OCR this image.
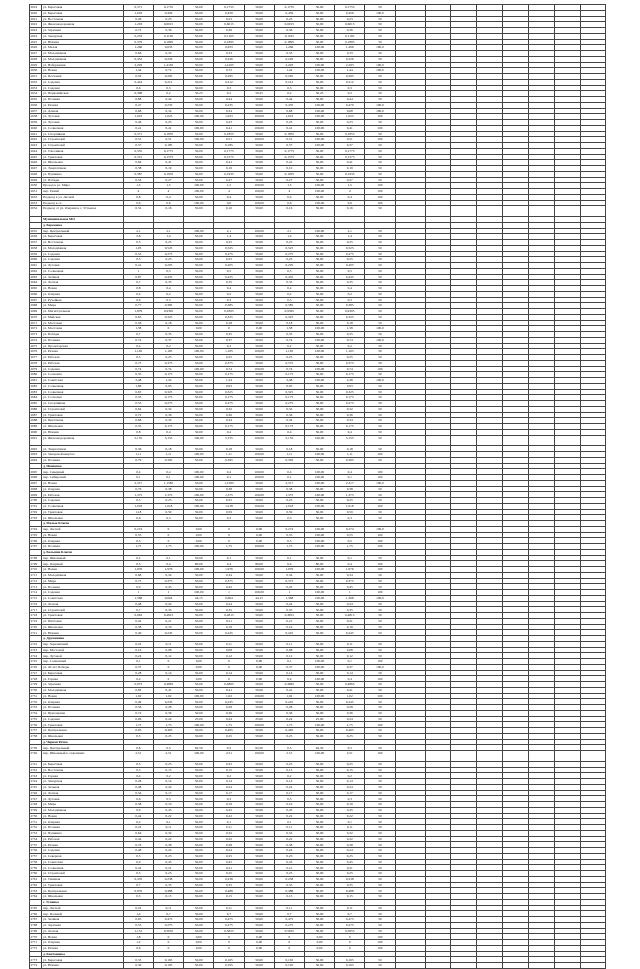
2619	ул. Береговая	0,371	0,1755	50,00	0,1755	50,00	0,1755	50,00	0,1755	50								
2620	ул. Береговая	1,018	0,459	50,00	0,459	50,00	0,459	50,00	0,459	100,0								
2621	ул. Восточная	0,46	0,23	50,00	0,23	50,00	0,23	50,00	0,23	50								
2622	ул. Железнодорожная	1,203	0,6015	50,00	0,6015	50,00	0,6015	50,00	0,6015	50								
2623	ул. Заречная	0,72	0,36	50,00	0,36	50,00	0,36	50,00	0,36	50								
2624	ул. Заводская	0,233	0,1165	50,00	0,1165	50,00	0,1165	50,00	0,1165	50								
2625	ул. Южная	0,379	0,1895	50,00	0,1895	50,00	0,1895	50,00	0,1895	50								
2626	ул. Малая	1,266	0,633	50,00	0,633	50,00	1,266	100,00	1,266	100,0								
2627	ул. Молодёжная	0,66	0,33	50,00	0,33	50,00	0,33	50,00	0,33	50								
2628	ул. Молодёжная	0,452	0,226	50,00	0,226	50,00	0,226	50,00	0,226	50								
2629	ул. Набережная	2,293	1,4165	50,00	1,4165	50,00	2,293	100,00	2,293	100,0								
2630	ул. Новая	1,44	0,72	50,00	0,72	50,00	1,44	100,00	1,44	100,0								
2631	ул. Песчаная	0,59	0,295	50,00	0,295	50,00	0,295	50,00	0,295	50								
2632	ул. Садовая	0,424	0,212	50,00	0,212	50,00	0,212	50,00	0,212	50								
2633	ул. Садовая	0,6	0,3	50,00	0,3	50,00	0,3	50,00	0,3	50								
2634	ул. Первомайская	0,398	0,2	50,25	0,2	50,25	0,2	50,25	0,2	50								
2635	ул. Полевая	0,88	0,44	50,00	0,44	50,00	0,44	50,00	0,44	50								
2636	ул. Речная	0,47	0,235	50,00	0,235	50,00	0,470	100,00	0,470	100,0								
2637	ул. Дачная	0,68	0,34	50,00	0,34	50,00	0,68	100,00	0,68	100,0								
2638	ул. Луговая	1,023	1,023	100,00	1,023	100,00	1,023	100,00	1,023	100								
2639	ул. Луговая	0,46	0,23	50,00	0,23	50,00	0,23	50,00	0,23	50								
2640	ул. Солнечная	0,41	0,41	100,00	0,41	100,00	0,41	100,00	0,41	100								
2641	ул. Спортивная	0,371	0,1855	50,00	0,1855	50,00	0,1855	50,00	0,1855	50								
2642	ул. Строителей	0,51	0,51	100,00	0,51	100,00	0,51	100,00	0,51	100								
2643	ул. Строителей	0,37	0,185	50,00	0,185	50,00	0,37	100,00	0,37	50								
2644	ул. Тополиная	0,355	0,1775	50,00	0,1775	50,00	0,1775	50,00	0,1775	50								
2645	ул. Трактовая	0,315	0,1575	50,00	0,1575	50,00	0,1575	50,00	0,1575	50								
2646	ул. Школьная	0,84	0,41	50,00	0,41	50,00	0,41	50,00	0,41	50								
2647	ул. Энергетиков	0,38	0,19	50,00	0,19	50,00	0,19	50,00	0,19	50								
2648	ул. Пушкина	0,387	0,1935	50,00	0,1935	50,00	0,1935	50,00	0,1935	50								
2649	ул. Победы	0,54	0,27	50,00	0,27	50,00	0,27	50,00	0,27	50								
2650	Проезд к ул. Мира	1,5	1,5	100,00	1,5	100,00	1,5	100,00	1,5	100								
2651	пер. Тихий	4	4	100,00	4	100,00	4	100,00	4	100								
2652	Подъезд к ул. Лесной	0,8	0,4	50,00	0,4	50,00	0,4	50,00	0,4	100								
2653	Подъезд к ст.	0,6	0,6	100,00	0,6	100,00	0,6	100,00	0,6	100								
2654	Подъезд от ул. Озерная к с. Устьевое	0,32	0,16	50,00	0,16	50,00	0,16	50,00	0,16	50								
	Муниципальное МО																	
	д. Березовка																	
2655	пер. Центральный	2,1	2,1	100,00	2,1	100,00	2,1	100,00	2,1	50								
2656	ул. Береговая	2,8	1,4	50,00	1,4	50,00	1,4	50,00	1,4	50								
2657	ул. Восточная	0,5	0,25	50,00	0,25	50,00	0,25	50,00	0,25	50								
2658	ул. Молодёжная	1,05	0,525	50,00	0,525	50,00	0,525	50,00	0,525	50								
2659	ул. Садовая	0,55	0,275	50,00	0,275	50,00	0,275	50,00	0,275	50								
2660	ул. Садовая	0,5	0,25	50,00	0,25	50,00	0,25	50,00	0,25	50								
2661	ул. Луговая	0,41	0,205	50,00	0,205	50,00	0,205	50,00	0,205	50								
2662	ул. Солнечная	1	0,5	50,00	0,5	50,00	0,5	50,00	0,5	50								
2663	ул. Зелёная	0,87	0,435	50,00	0,435	50,00	0,435	50,00	0,435	50								
2664	ул. Лесная	0,7	0,35	50,00	0,35	50,00	0,35	50,00	0,35	50								
2665	ул. Новая	0,8	0,4	50,00	0,4	50,00	0,4	50,00	0,4	50								
2666	ул. Озерная	0,4	0,2	50,00	0,2	50,00	0,2	50,00	0,2	50								
2667	ул. Ручейная	0,6	0,3	50,00	0,3	50,00	0,3	50,00	0,3	50								
2668	ул. Мира	0,77	0,385	50,00	0,385	50,00	0,385	50,00	0,385	50								
2669	ул. Магистральная	1,879	0,9395	50,00	0,9395	50,00	0,9395	50,00	0,9395	50								
2670	ул. Майская	0,65	0,325	50,00	0,325	50,00	0,325	50,00	0,325	50								
2671	ул. Мостовая	0,36	0,18	50,00	0,18	50,00	0,18	50,00	0,18	50								
2672	ул. Мостовая	1,58	0	0,00	0	0,00	1,58	100,00	1,58	100,0								
2673	ул. Победы	0,7	0,35	50,00	0,35	50,00	0,35	50,00	0,35	50								
2674	ул. Полевая	0,74	0,37	50,00	0,37	50,00	0,74	100,00	0,74	100,0								
2675	ул. Пролетарская	0,4	0,2	50,00	0,2	50,00	0,2	50,00	0,2	50								
2676	ул. Речная	1,165	1,165	100,00	1,165	100,00	1,165	100,00	1,165	50								
2677	ул. Рабочая	0,5	0,25	50,00	0,25	50,00	0,25	50,00	0,25	50								
2678	ул. Рабочая	0,75	0,375	50,00	0,375	50,00	0,375	50,00	0,375	50								
2679	ул. Садовая	0,74	0,74	100,00	0,74	100,00	0,74	100,00	0,74	100								
2680	ул. Сосновая	0,35	0,175	50,00	0,175	50,00	0,175	50,00	0,175	50								
2681	ул. Советская	2,48	1,24	50,00	1,24	50,00	2,48	100,00	2,48	100,0								
2682	ул. Солнечная	1,86	0,93	50,00	0,93	50,00	0,93	50,00	0,93	50								
2683	ул. Солнечная	0,65	0,325	50,00	0,325	50,00	0,325	50,00	0,325	50								
2684	ул. Сосновая	0,35	0,175	50,00	0,175	50,00	0,175	50,00	0,175	50								
2685	ул. Спортивная	0,55	0,275	50,00	0,275	50,00	0,275	50,00	0,275	50								
2686	ул. Строителей	0,64	0,32	50,00	0,32	50,00	0,32	50,00	0,32	50								
2687	ул. Трактовая	0,72	0,36	50,00	0,36	50,00	0,36	50,00	0,36	50								
2688	ул. Цветочная	0,68	0,34	50,00	0,34	50,00	0,34	50,00	0,34	50								
2689	ул. Школьная	0,35	0,175	50,00	0,175	50,00	0,175	50,00	0,175	50								
2690	ул. Южная	0,8	0,4	50,00	0,4	50,00	0,4	50,00	0,4	50								
2691	ул. Железнодорожная	5,155	5,155	100,00	5,155	100,00	5,155	100,00	5,155	50								
2692	ул. Энергетиков	0,36	0,18	50,00	0,18	50,00	0,18	50,00	0,18	50								
2693	ул. Заводской квартал	1,11	1,11	100,00	1,11	100,00	1,11	100,00	1,11	100								
2694	ул. Полевая	0,79	0,395	50,00	0,395	50,00	0,395	50,00	0,395	50								
	д. Ивановка																	
2695	пер. Северный	0,4	0,4	100,00	0,4	100,00	0,4	100,00	0,4	100								
2696	пер. Сибирский	0,1	0,1	100,00	0,1	100,00	0,1	100,00	0,1	100								
2697	ул. Новая	2,317	1,1585	50,00	1,1585	50,00	2,317	100,00	2,317	100,0								
2698	ул. Озерная	0,76	0,38	50,00	0,38	50,00	0,38	50,00	0,38	50								
2699	ул. Рабочая	1,375	1,375	100,00	1,375	100,00	1,375	100,00	1,375	50								
2700	ул. Садовая	0,5	0,25	50,00	0,25	50,00	0,25	50,00	0,25	50								
2701	ул. Солнечная	1,018	1,018	100,00	1,018	100,00	1,018	100,00	1,018	100								
2702	ул. Трактовая	1,18	0,59	50,00	0,59	50,00	0,59	50,00	0,59	50								
2703	ул. Школьная	0,6	0,3	50,00	0,3	50,00	0,3	50,00	0,3	50								
	д. Малые Ключи																	
2704	пер. Лесной	0,274	0	0,00	0	0,00	0,274	100,00	0,274	100,0								
2705	ул. Новая	0,55	0	0,00	0	0,00	0,55	100,00	0,55	100								
2706	ул. Озерная	0,5	0	0,00	0	0,00	0,5	100,00	0,5	100								
2707	ул. Полевая	1,75	1,75	100,00	1,75	100,00	1,75	100,00	1,75	100								
	д. Большие Ключи																	
2708	пер. Школьный	0,2	0,1	50,00	0,1	50,00	0,1	50,00	0,1	50								
2709	пер. Озерный	0,5	0,4	80,00	0,4	80,00	0,4	80,00	0,4	100								
2710	ул. Новая	1,976	1,976	100,00	1,976	100,00	1,976	100,00	1,976	100								
2711	ул. Молодёжная	0,68	0,34	50,00	0,34	50,00	0,34	50,00	0,34	50								
2712	ул. Мира	0,75	0,375	50,00	0,375	50,00	0,375	50,00	0,375	50								
2713	ул. Полевая	0,9	0,45	50,00	0,45	50,00	0,45	50,00	0,45	50								
2714	ул. Садовая	1	1	100,00	1	100,00	1	100,00	1	100								
2715	ул. Советская	1,368	0,604	44,15	0,604	44,15	1,368	100,00	1,368	100,0								
2716	ул. Лесная	0,48	0,24	50,00	0,24	50,00	0,24	50,00	0,24	50								
2717	ул. Строителей	0,7	0,35	50,00	0,35	50,00	0,35	50,00	0,35	50								
2718	ул. Трактовая	0,963	0,4815	50,00	0,4815	50,00	0,4815	50,00	0,4815	50								
2719	ул. Пихтовая	0,42	0,21	50,00	0,21	50,00	0,21	50,00	0,21	50								
2720	ул. Школьная	0,38	0,19	50,00	0,19	50,00	0,19	50,00	0,19	50								
2721	ул. Южная	0,49	0,245	50,00	0,245	50,00	0,245	50,00	0,245	50								
	д. Дружинино																	
2722	пер. Зареченский	0,22	0,11	50,00	0,11	50,00	0,11	50,00	0,11	50								
2723	пер. Мостовой	0,16	0,08	50,00	0,08	50,00	0,08	50,00	0,08	50								
2724	пер. Луговой	0,24	0,12	50,00	0,12	50,00	0,12	50,00	0,12	50								
2725	пер. Солнечный	0,1	0	0,00	0	0,00	0,1	100,00	0,1	100								
2726	ул. 40 лет Победы	0,37	0	0,00	0	0,00	0,37	100,00	0,37	100,0								
2727	ул. Береговая	0,28	0,14	50,00	0,14	50,00	0,14	50,00	0,14	50								
2728	ул. Горная	0,4	0	0,00	0	0,00	0,4	100,00	0,4	100								
2729	ул. Заречная	0,973	0,4865	50,00	0,4865	50,00	0,4865	50,00	0,4865	50								
2730	ул. Молодёжная	0,82	0,41	50,00	0,41	50,00	0,41	50,00	0,41	50								
2731	ул. Новая	1,02	1,02	100,00	1,02	100,00	1,02	100,00	1,02	100								
2732	ул. Озерная	0,49	0,245	50,00	0,245	50,00	0,245	50,00	0,245	50								
2733	ул. Полевая	0,56	0,28	50,00	0,28	50,00	0,28	50,00	0,28	50								
2734	ул. Приозерная	0,72	0,36	50,00	0,36	50,00	0,36	50,00	0,36	50								
2735	ул. Садовая	0,96	0,24	25,00	0,24	25,00	0,24	25,00	0,24	50								
2736	ул. Трактовая	1,75	1,75	100,00	1,75	100,00	1,75	100,00	1,75	100								
2737	ул. Центральная	0,93	0,465	50,00	0,465	50,00	0,465	50,00	0,465	50								
2738	ул. Школьная	0,5	0,25	50,00	0,25	50,00	0,25	50,00	0,25	50								
	д. Черная Речка																	
2739	пер. Центральный	0,8	0,5	62,50	0,5	62,50	0,5	62,50	0,5	50								
2740	пер. Школьный к отделению	2,51	2,51	100,00	2,51	100,00	2,51	100,00	2,51	100								
2741	ул. Береговая	0,5	0,25	50,00	0,25	50,00	0,25	50,00	0,25	50								
2742	ул. Восточная	0,3	0,15	50,00	0,15	50,00	0,15	50,00	0,15	50								
2743	ул. Горная	0,4	0,2	50,00	0,2	50,00	0,2	50,00	0,2	50								
2744	ул. Заводская	0,28	0,14	50,00	0,14	50,00	0,14	50,00	0,14	50								
2745	ул. Зеленая	0,48	0,24	50,00	0,24	50,00	0,24	50,00	0,24	50								
2746	ул. Лесная	0,34	0,17	50,00	0,17	50,00	0,17	50,00	0,17	50								
2747	ул. Луговая	0,6	0,3	50,00	0,3	50,00	0,3	50,00	0,3	50								
2748	ул. Мира	0,38	0,19	50,00	0,19	50,00	0,19	50,00	0,19	50								
2749	ул. Молодёжная	0,9	0,45	50,00	0,45	50,00	0,45	50,00	0,45	50								
2750	ул. Новая	0,44	0,22	50,00	0,22	50,00	0,22	50,00	0,22	50								
2751	ул. Озерная	0,2	0,1	50,00	0,1	50,00	0,1	50,00	0,1	50								
2752	ул. Полевая	0,22	0,11	50,00	0,11	50,00	0,11	50,00	0,11	50								
2753	ул. Пушкина	0,64	0,32	50,00	0,32	50,00	0,32	50,00	0,32	50								
2754	ул. Рабочая	0,44	0,22	50,00	0,22	50,00	0,22	50,00	0,22	50								
2755	ул. Речная	0,76	0,38	50,00	0,38	50,00	0,38	50,00	0,38	50								
2756	ул. Садовая	0,48	0,24	50,00	0,24	50,00	0,24	50,00	0,24	50								
2757	ул. Северная	0,5	0,25	50,00	0,25	50,00	0,25	50,00	0,25	50								
2758	ул. Советская	0,9	0,45	50,00	0,45	50,00	0,45	50,00	0,45	50								
2759	ул. Солнечная	0,42	0,21	50,00	0,21	50,00	0,21	50,00	0,21	50								
2760	ул. Строителей	0,5	0,25	50,00	0,25	50,00	0,25	50,00	0,25	50								
2761	ул. Таёжная	0,476	0,238	50,00	0,238	50,00	0,238	50,00	0,238	50								
2762	ул. Трактовая	0,7	0,35	50,00	0,35	50,00	0,35	50,00	0,35	50								
2763	ул. Центральная	0,976	0,488	50,00	0,488	50,00	0,488	50,00	0,488	50								
2764	ул. Школьная	0,3	0,15	50,00	0,15	50,00	0,15	50,00	0,15	50								
	с. Успенка																	
2765	пер. Лесной	0,22	0,11	50,00	0,11	50,00	0,11	50,00	0,11	50								
2766	пер. Полевой	1,4	0,7	50,00	0,7	50,00	0,7	50,00	0,7	50								
2767	ул. Зелёная	0,95	0,475	50,00	0,475	50,00	0,475	50,00	0,475	50								
2768	ул. Заречная	0,55	0,275	50,00	0,275	50,00	0,275	50,00	0,275	50								
2769	ул. Лесная	1,131	0,5655	50,00	0,5655	50,00	0,5655	50,00	0,5655	50								
2770	ул. Новая	1,8	0	0,00	0	0,00	0	0,00	0	100								
2771	ул. Озерная	1,2	0	0,00	0	0,00	0	0,00	0	100								
2772	ул. Речная	0,6	0	0,00	0	0,00	0	0,00	0	100								
	д. Кантоновка																	
2773	ул. Береговая	0,33	0,165	50,00	0,165	50,00	0,165	50,00	0,165	50								
2774	ул. Южная	0,39	0,195	50,00	0,195	50,00	0,195	50,00	0,195	50								
